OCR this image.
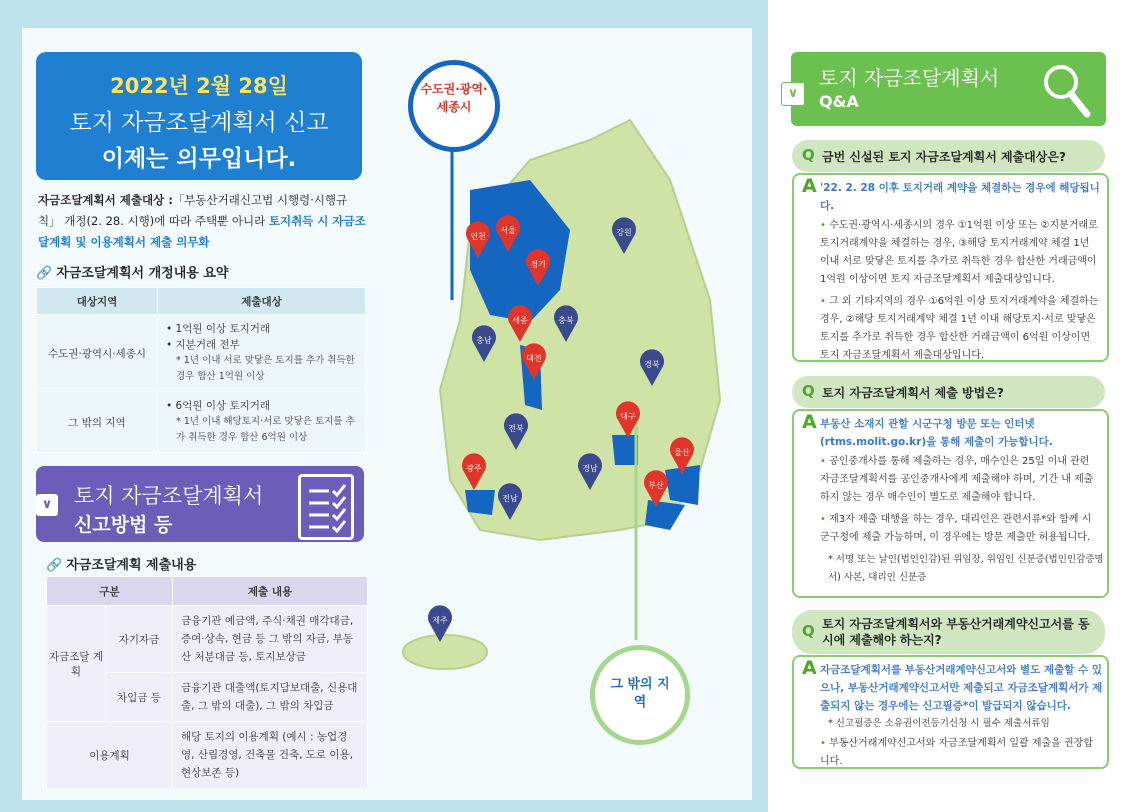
2022년 2월 28일
토지 자금조달계획서 신고
이제는 의무입니다.
자금조달계획서 제출대상 :「부동산거래신고법 시행령·시행규칙」 개정(2. 28. 시행)에 따라 주택뿐 아니라 토지취득 시 자금조달계획 및 이용계획서 제출 의무화
🔗 자금조달계획서 개정내용 요약
대상지역	제출대상
수도권·광역시·세종시	• 1억원 이상 토지거래
• 지분거래 전부
* 1년 이내 서로 맞닿은 토지를 추가 취득한 경우 합산 1억원 이상

그 밖의 지역	• 6억원 이상 토지거래
* 1년 이내 해당토지·서로 맞닿은 토지를 추가 취득한 경우 합산 6억원 이상
∨ 토지 자금조달계획서
신고방법 등
🔗 자금조달계획 제출내용
구분		제출 내용
자금조달 계획	자기자금	금융기관 예금액, 주식·채권 매각대금, 증여·상속, 현금 등 그 밖의 자금, 부동산 처분대금 등, 토지보상금
	차입금 등	금융기관 대출액(토지담보대출, 신용대출, 그 밖의 대출), 그 밖의 차입금
이용계획		해당 토지의 이용계획 (예시 : 농업경영, 산림경영, 건축물 건축, 도로 이용, 현상보존 등)
인천
서울
경기
세종
대전
대구
울산
광주
부산
강원
충북
충남
경북
전북
경남
전남
제주
수도권·광역· 세종시
그 밖의 지역
∨
토지 자금조달계획서
Q&A
Q 금번 신설된 토지 자금조달계획서 제출대상은?
A '22. 2. 28 이후 토지거래 계약을 체결하는 경우에 해당됩니다.
• 수도권·광역시·세종시의 경우 ①1억원 이상 또는 ②지분거래로 토지거래계약을 체결하는 경우, ③해당 토지거래계약 체결 1년 이내 서로 맞닿은 토지를 추가로 취득한 경우 합산한 거래금액이 1억원 이상이면 토지 자금조달계획서 제출대상입니다.
• 그 외 기타지역의 경우 ①6억원 이상 토지거래계약을 체결하는 경우, ②해당 토지거래계약 체결 1년 이내 해당토지·서로 맞닿은 토지를 추가로 취득한 경우 합산한 거래금액이 6억원 이상이면 토지 자금조달계획서 제출대상입니다.
Q 토지 자금조달계획서 제출 방법은?
A 부동산 소재지 관할 시군구청 방문 또는 인터넷(rtms.molit.go.kr)을 통해 제출이 가능합니다.
• 공인중개사를 통해 제출하는 경우, 매수인은 25일 이내 관련 자금조달계획서를 공인중개사에게 제출해야 하며, 기간 내 제출하지 않는 경우 매수인이 별도로 제출해야 합니다.
• 제3자 제출 대행을 하는 경우, 대리인은 관련서류*와 함께 시군구청에 제출 가능하며, 이 경우에는 방문 제출만 허용됩니다.
* 서명 또는 날인(법인인감)된 위임장, 위임인 신분증(법인인감증명서) 사본, 대리인 신분증
Q 토지 자금조달계획서와 부동산거래계약신고서를 동시에 제출해야 하는지?
A 자금조달계획서를 부동산거래계약신고서와 별도 제출할 수 있으나, 부동산거래계약신고서만 제출되고 자금조달계획서가 제출되지 않는 경우에는 신고필증*이 발급되지 않습니다.
* 신고필증은 소유권이전등기신청 시 필수 제출서류임
• 부동산거래계약신고서와 자금조달계획서 일괄 제출을 권장합니다.
